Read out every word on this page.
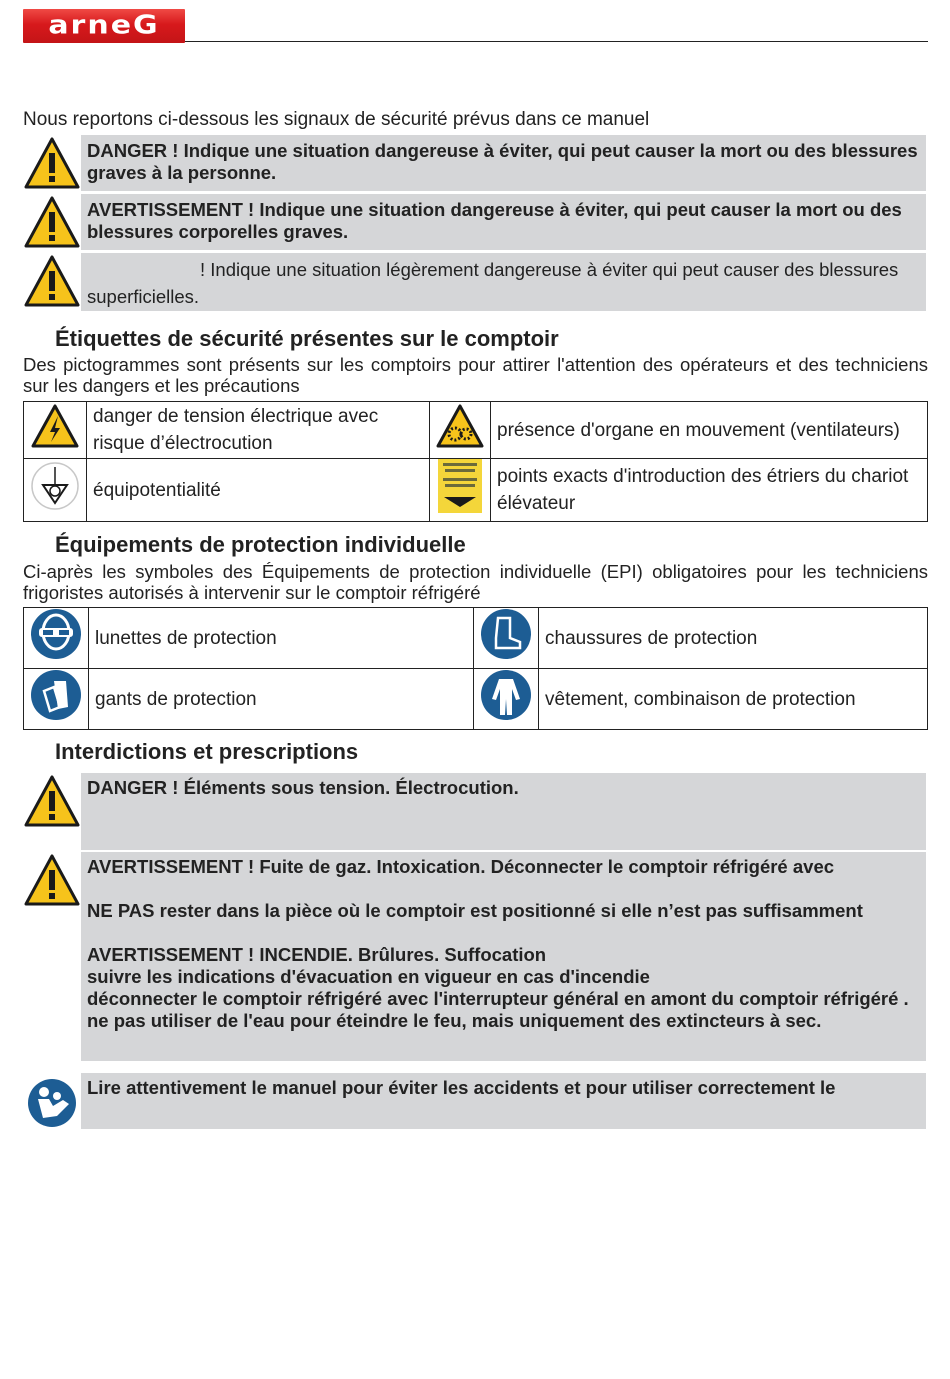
arneG
Nous reportons ci-dessous les signaux de sécurité prévus dans ce manuel
DANGER ! Indique une situation dangereuse à éviter, qui peut causer la mort ou des blessures graves à la personne.
AVERTISSEMENT ! Indique une situation dangereuse à éviter, qui peut causer la mort ou des blessures corporelles graves.
! Indique une situation légèrement dangereuse à éviter qui peut causer des blessures superficielles.
Étiquettes de sécurité présentes sur le comptoir
Des pictogrammes sont présents sur les comptoirs pour attirer l'attention des opérateurs et des techniciens sur les dangers et les précautions
	danger de tension électrique avec risque d’électrocution		présence d'organe en mouvement (ventilateurs)
	équipotentialité		points exacts d'introduction des étriers du chariot élévateur
Équipements de protection individuelle
Ci-après les symboles des Équipements de protection individuelle (EPI) obligatoires pour les techniciens frigoristes autorisés à intervenir sur le comptoir réfrigéré
	lunettes de protection		chaussures de protection
	gants de protection		vêtement, combinaison de protection
Interdictions et prescriptions
DANGER ! Éléments sous tension. Électrocution.
AVERTISSEMENT ! Fuite de gaz. Intoxication. Déconnecter le comptoir réfrigéré avec
NE PAS rester dans la pièce où le comptoir est positionné si elle n’est pas suffisamment
AVERTISSEMENT ! INCENDIE. Brûlures. Suffocation
suivre les indications d'évacuation en vigueur en cas d'incendie
déconnecter le comptoir réfrigéré avec l'interrupteur général en amont du comptoir réfrigéré .
ne pas utiliser de l'eau pour éteindre le feu, mais uniquement des extincteurs à sec.
Lire attentivement le manuel pour éviter les accidents et pour utiliser correctement le
